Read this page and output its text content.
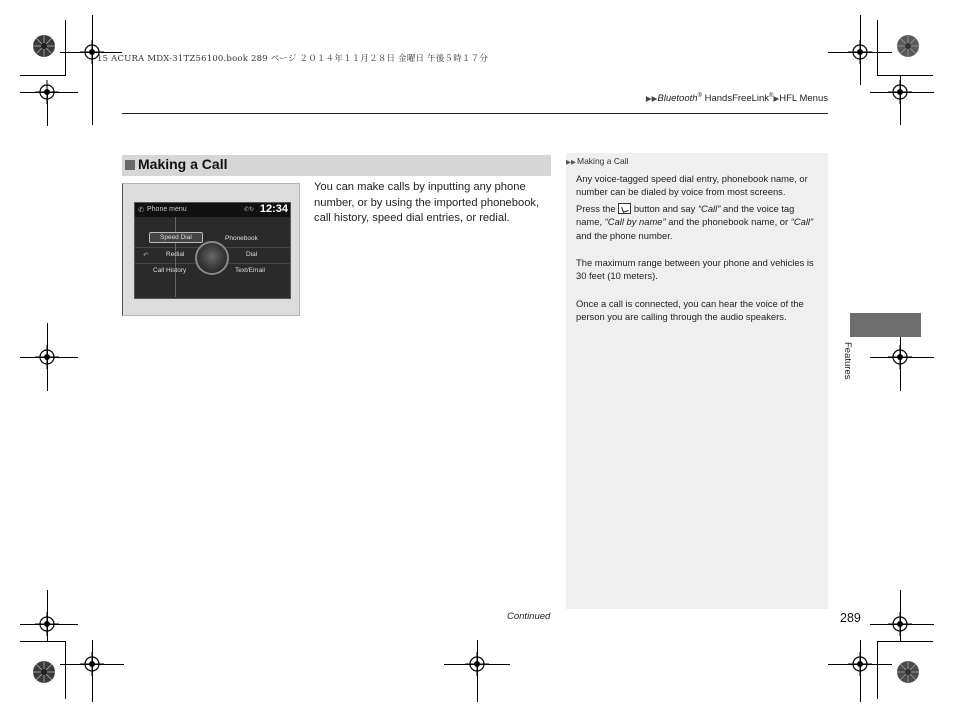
15 ACURA MDX-31TZ56100.book 289 ページ ２０１４年１１月２８日 金曜日 午後５時１７分
▶▶Bluetooth® HandsFreeLink®▶HFL Menus
Making a Call
✆ Phone menu	✆↻ 12:34
Speed Dial	Phonebook
↶	Redial	Dial
Call History	Text/Email
You can make calls by inputting any phone number, or by using the imported phonebook, call history, speed dial entries, or redial.
▶▶Making a Call
Any voice-tagged speed dial entry, phonebook name, or number can be dialed by voice from most screens.
Press the  button and say “Call” and the voice tag name, “Call by name” and the phonebook name, or “Call” and the phone number.
The maximum range between your phone and vehicles is 30 feet (10 meters).
Once a call is connected, you can hear the voice of the person you are calling through the audio speakers.
Features
Continued	289
